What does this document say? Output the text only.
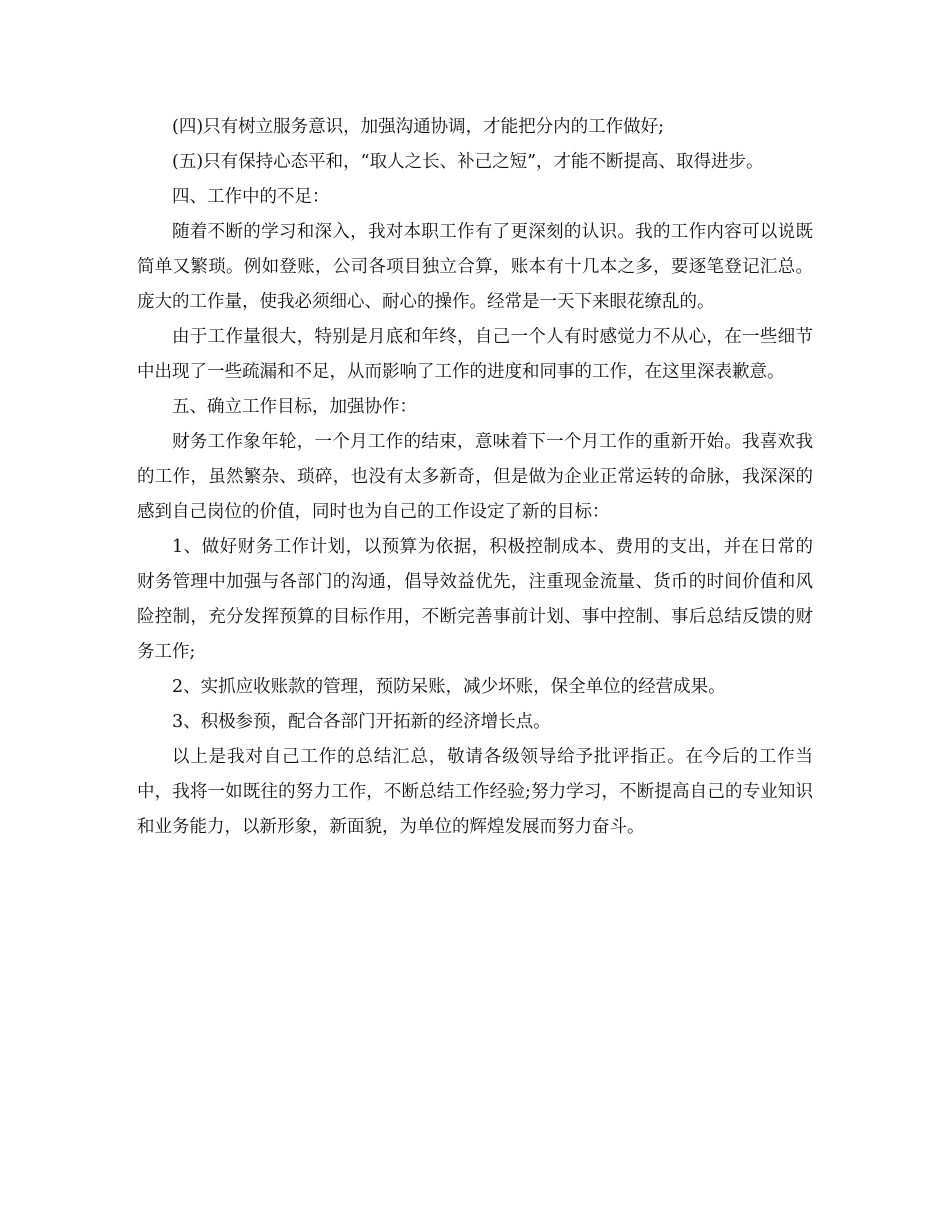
(四)只有树立服务意识，加强沟通协调，才能把分内的工作做好;

(五)只有保持心态平和，“取人之长、补己之短”，才能不断提高、取得进步。

四、工作中的不足：

随着不断的学习和深入，我对本职工作有了更深刻的认识。我的工作内容可以说既简单又繁琐。例如登账，公司各项目独立合算，账本有十几本之多，要逐笔登记汇总。庞大的工作量，使我必须细心、耐心的操作。经常是一天下来眼花缭乱的。

由于工作量很大，特别是月底和年终，自己一个人有时感觉力不从心，在一些细节中出现了一些疏漏和不足，从而影响了工作的进度和同事的工作，在这里深表歉意。

五、确立工作目标，加强协作：

财务工作象年轮，一个月工作的结束，意味着下一个月工作的重新开始。我喜欢我的工作，虽然繁杂、琐碎，也没有太多新奇，但是做为企业正常运转的命脉，我深深的感到自己岗位的价值，同时也为自己的工作设定了新的目标：

1、做好财务工作计划，以预算为依据，积极控制成本、费用的支出，并在日常的财务管理中加强与各部门的沟通，倡导效益优先，注重现金流量、货币的时间价值和风险控制，充分发挥预算的目标作用，不断完善事前计划、事中控制、事后总结反馈的财务工作;

2、实抓应收账款的管理，预防呆账，减少坏账，保全单位的经营成果。

3、积极参预，配合各部门开拓新的经济增长点。

以上是我对自己工作的总结汇总，敬请各级领导给予批评指正。在今后的工作当中，我将一如既往的努力工作，不断总结工作经验;努力学习，不断提高自己的专业知识和业务能力，以新形象，新面貌，为单位的辉煌发展而努力奋斗。
